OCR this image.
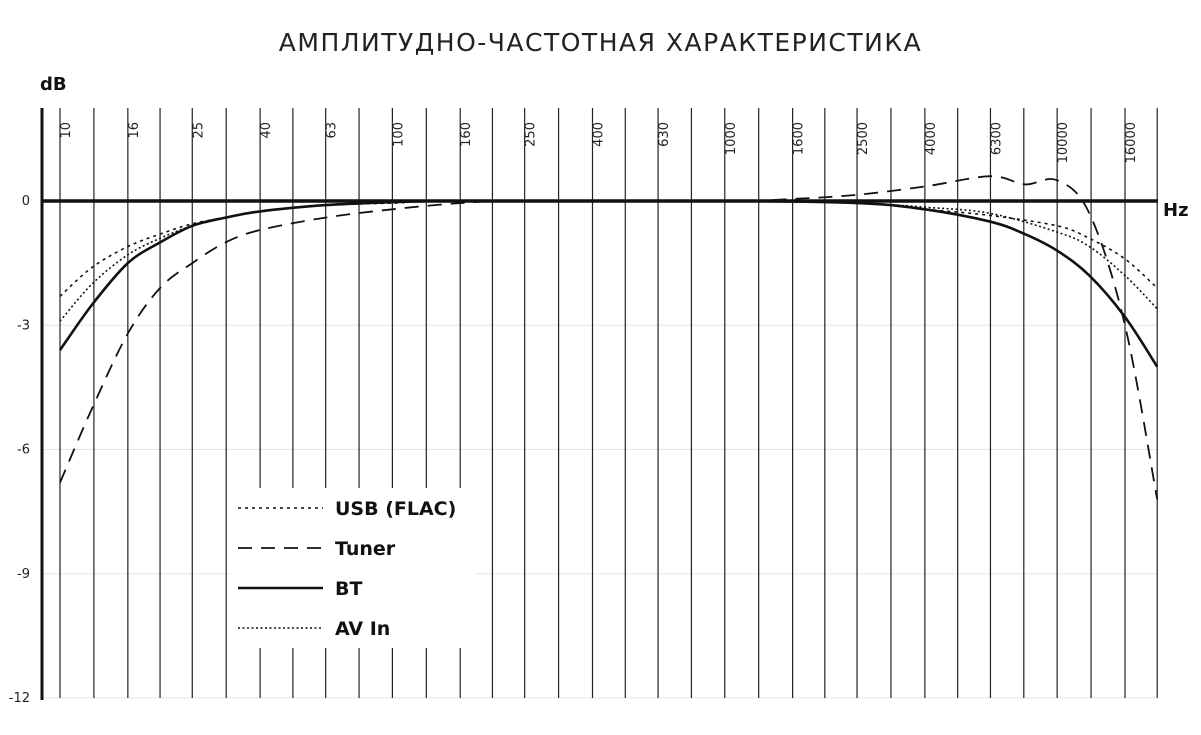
АМПЛИТУДНО-ЧАСТОТНАЯ ХАРАКТЕРИСТИКА
dB
Hz
0
-3
-6
-9
-12
10	16	25	40	63	100	160	250	400	630	1000	1600	2500	4000	6300	10000	16000
USB (FLAC)
Tuner
BT
AV In
